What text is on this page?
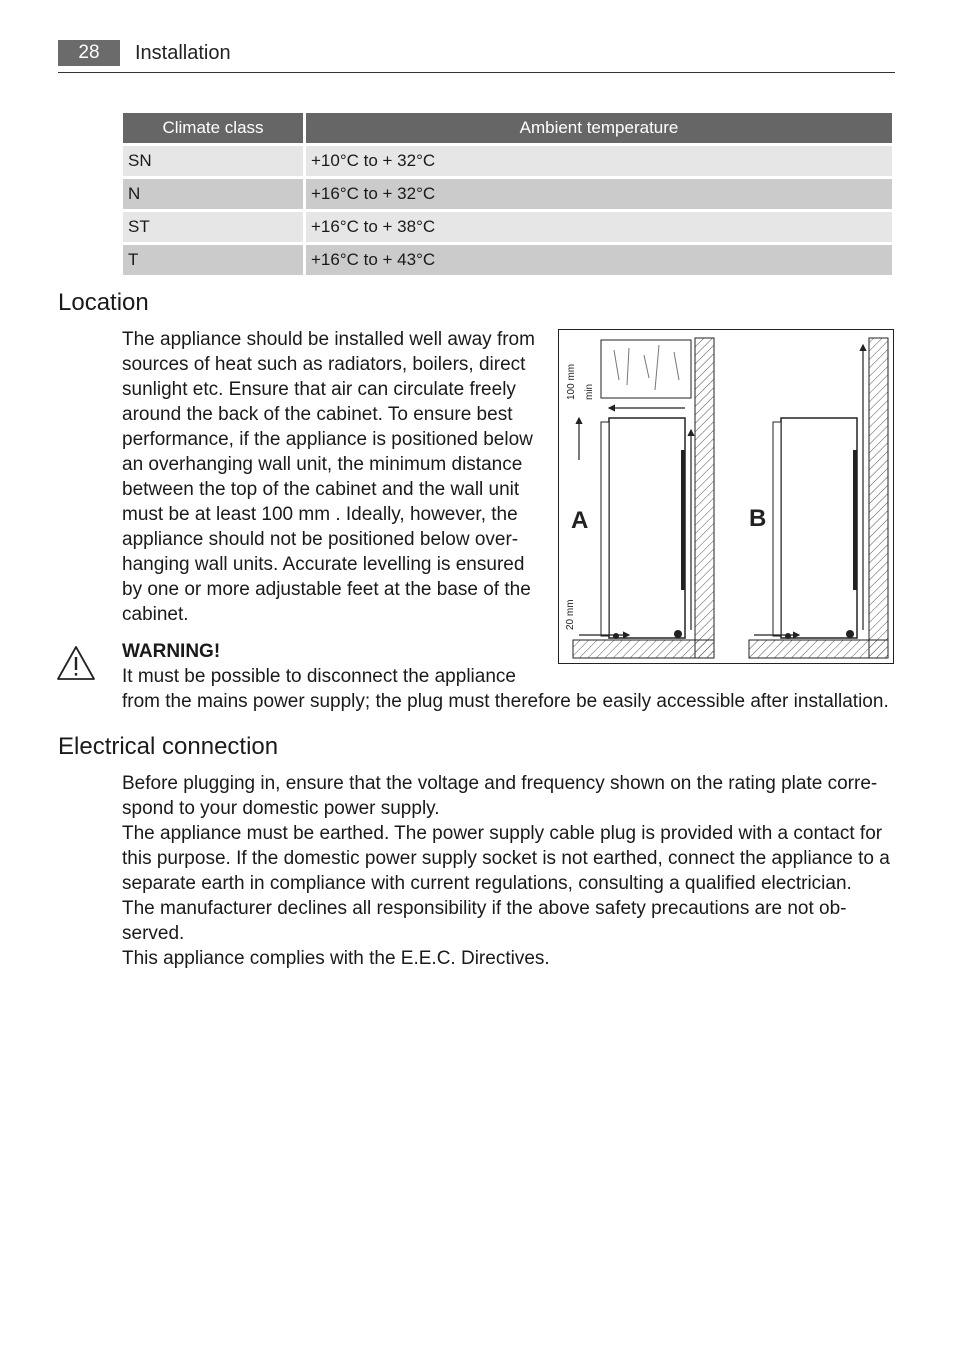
28	Installation
Climate class	Ambient temperature
SN	+10°C to + 32°C
N	+16°C to + 32°C
ST	+16°C to + 38°C
T	+16°C to + 43°C
Location

The appliance should be installed well away from

sources of heat such as radiators, boilers, direct

sunlight etc. Ensure that air can circulate freely

around the back of the cabinet. To ensure best

performance, if the appliance is positioned below

an overhanging wall unit, the minimum distance

between the top of the cabinet and the wall unit

must be at least 100 mm . Ideally, however, the

appliance should not be positioned below over-

hanging wall units. Accurate levelling is ensured

by one or more adjustable feet at the base of the

cabinet.

100 mm min
20 mm
A	B
WARNING!
It must be possible to disconnect the appliance
from the mains power supply; the plug must therefore be easily accessible after installation.
Electrical connection

Before plugging in, ensure that the voltage and frequency shown on the rating plate corre-

spond to your domestic power supply.

The appliance must be earthed. The power supply cable plug is provided with a contact for

this purpose. If the domestic power supply socket is not earthed, connect the appliance to a

separate earth in compliance with current regulations, consulting a qualified electrician.

The manufacturer declines all responsibility if the above safety precautions are not ob-

served.

This appliance complies with the E.E.C. Directives.
